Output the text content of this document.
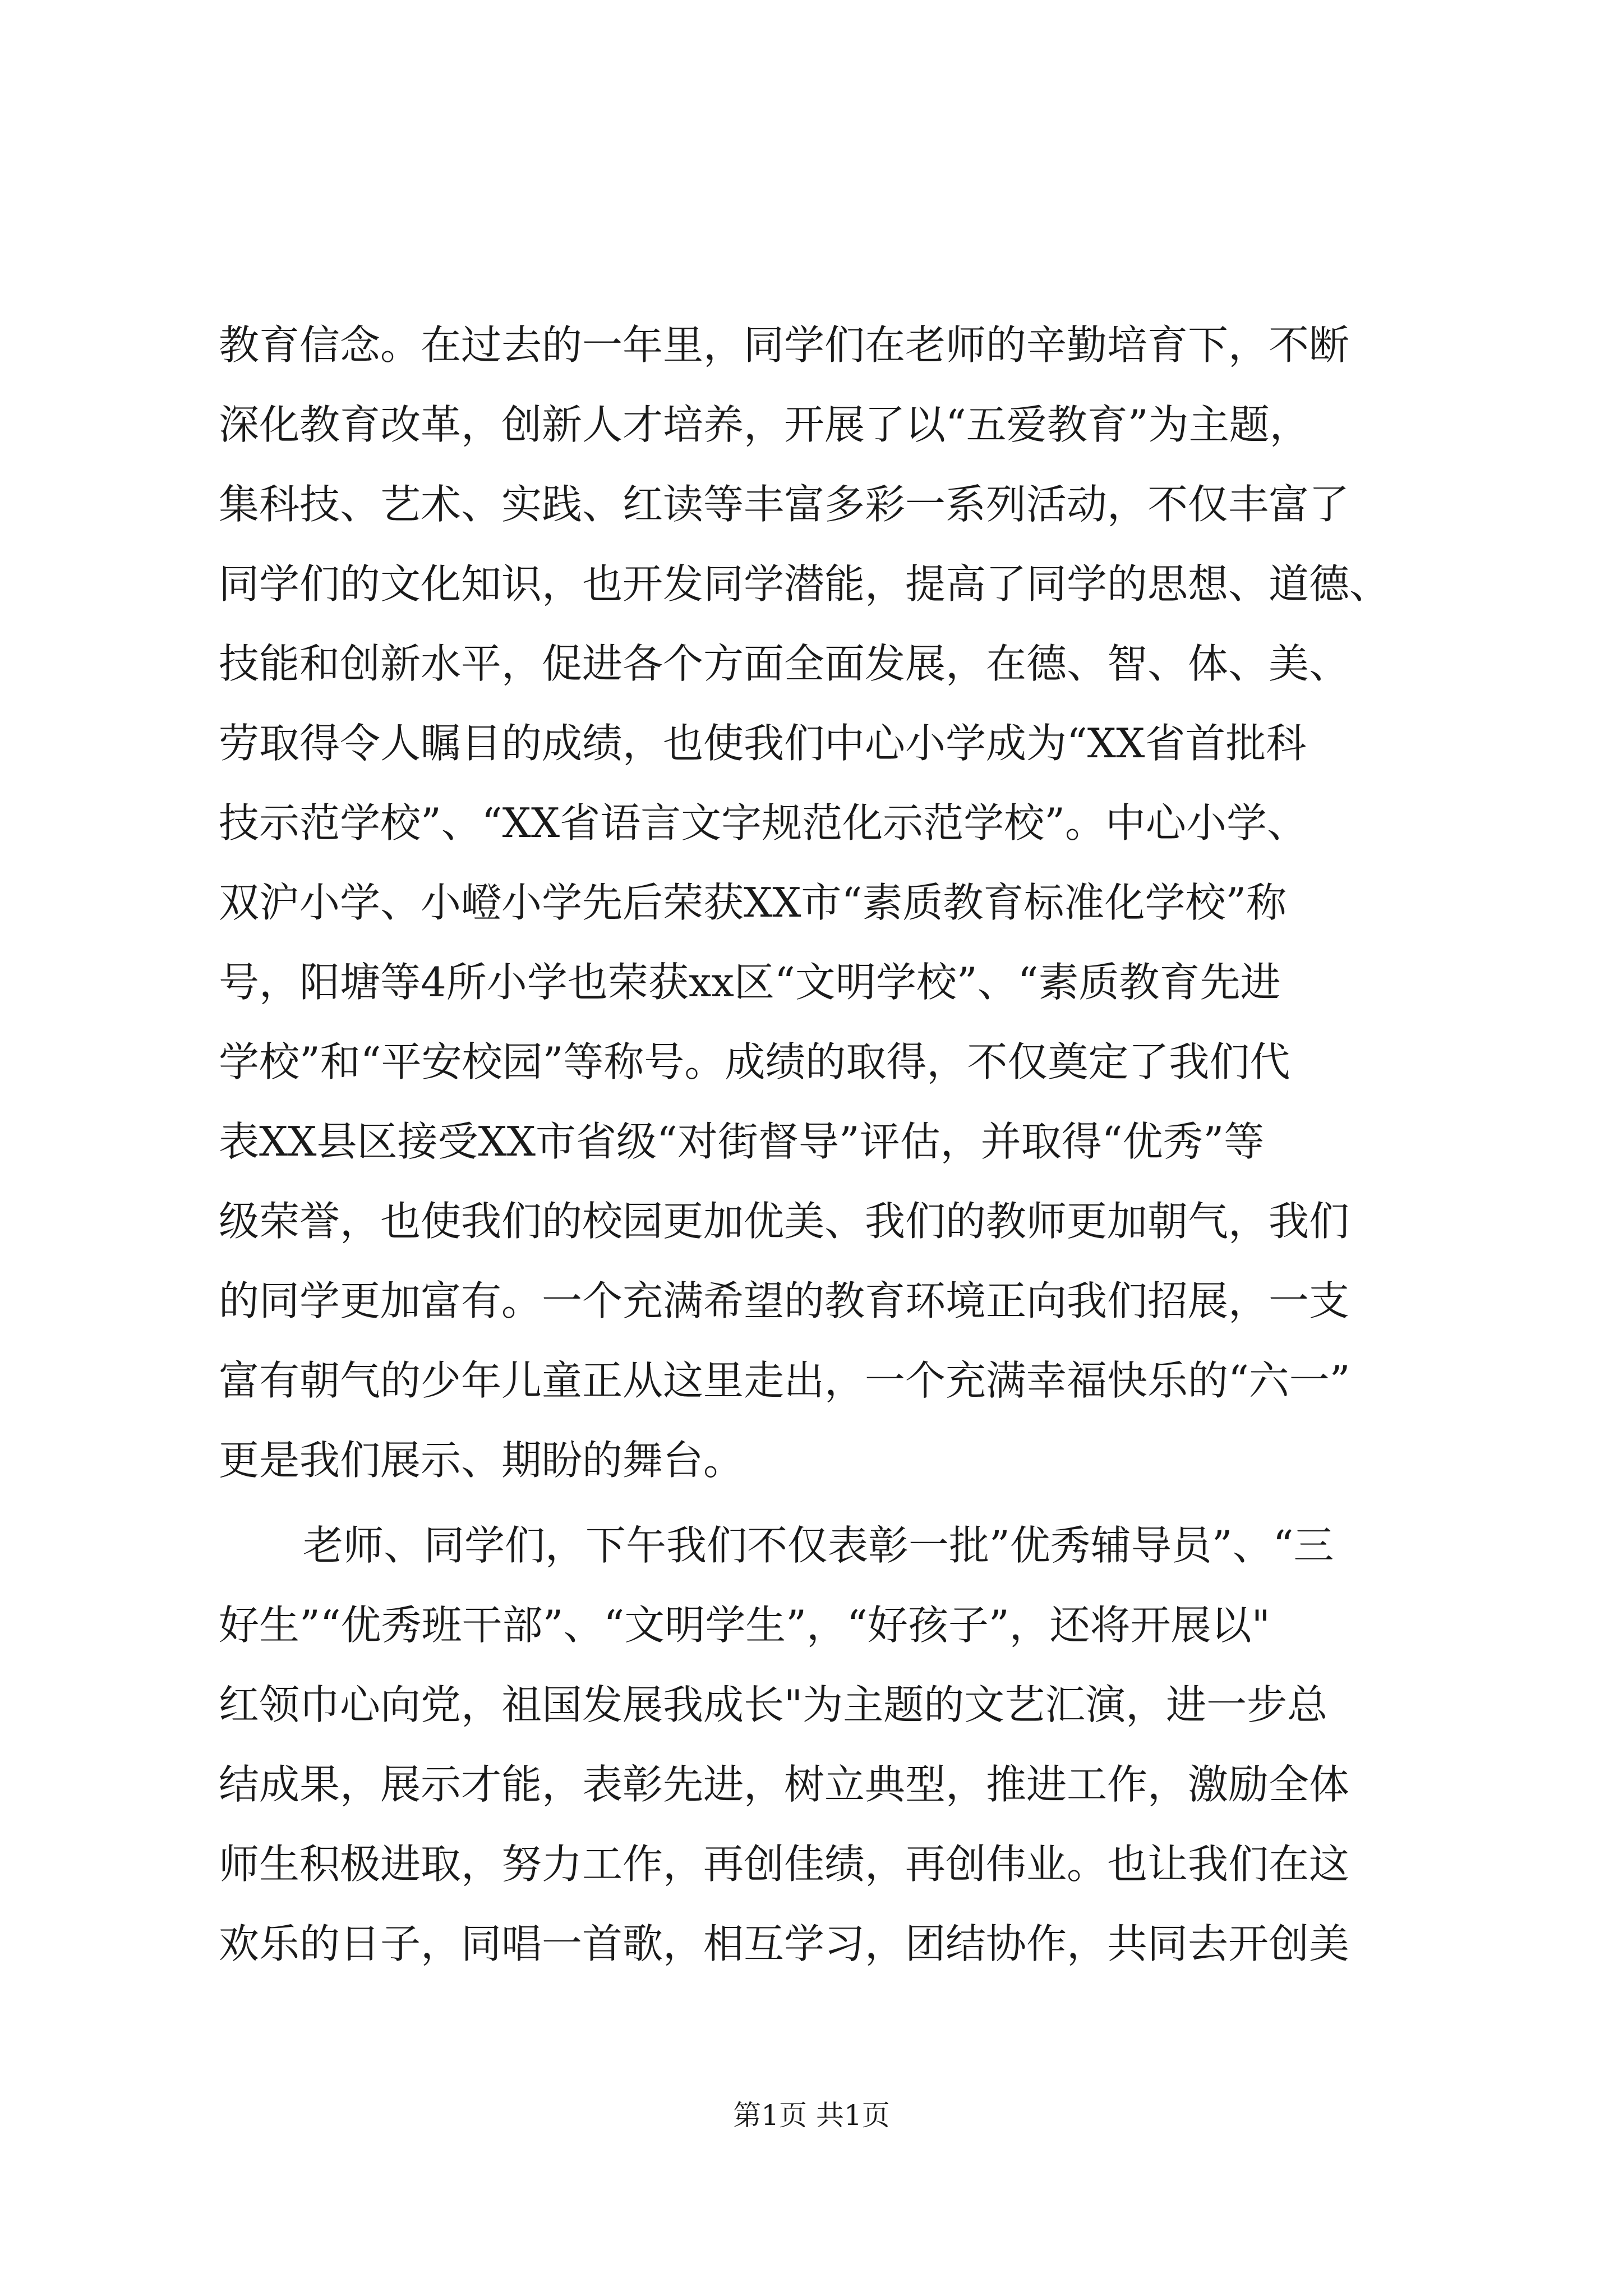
教育信念。在过去的一年里，同学们在老师的辛勤培育下，不断
深化教育改革，创新人才培养，开展了以“五爱教育”为主题，
集科技、艺术、实践、红读等丰富多彩一系列活动，不仅丰富了
同学们的文化知识，也开发同学潜能，提高了同学的思想、道德、
技能和创新水平，促进各个方面全面发展，在德、智、体、美、
劳取得令人瞩目的成绩，也使我们中心小学成为“XX省首批科
技示范学校”、“XX省语言文字规范化示范学校”。中心小学、
双沪小学、小嶝小学先后荣获XX市“素质教育标准化学校”称
号，阳塘等4所小学也荣获xx区“文明学校”、“素质教育先进
学校”和“平安校园”等称号。成绩的取得，不仅奠定了我们代
表XX县区接受XX市省级“对街督导”评估，并取得“优秀”等
级荣誉，也使我们的校园更加优美、我们的教师更加朝气，我们
的同学更加富有。一个充满希望的教育环境正向我们招展，一支
富有朝气的少年儿童正从这里走出，一个充满幸福快乐的“六一”
更是我们展示、期盼的舞台。
老师、同学们，下午我们不仅表彰一批”优秀辅导员”、“三
好生”“优秀班干部”、“文明学生”，“好孩子”，还将开展以"
红领巾心向党，祖国发展我成长"为主题的文艺汇演，进一步总
结成果，展示才能，表彰先进，树立典型，推进工作，激励全体
师生积极进取，努力工作，再创佳绩，再创伟业。也让我们在这
欢乐的日子，同唱一首歌，相互学习，团结协作，共同去开创美
第1页 共1页
